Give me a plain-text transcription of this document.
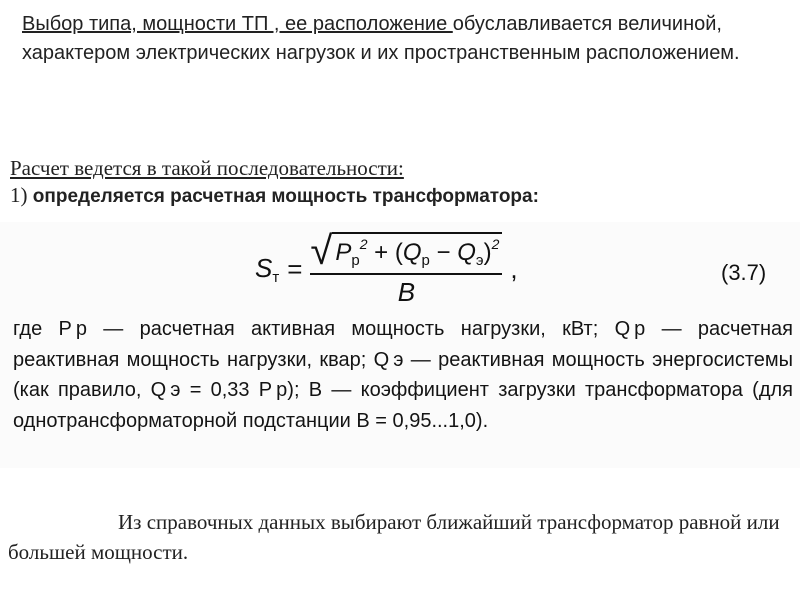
Выбор типа, мощности ТП , ее расположение обуславливается величиной, характером электрических нагрузок и их пространственным расположением.

Расчет ведется в такой последовательности:
1) определяется расчетная мощность трансформатора:
$S_т = \frac{√ P_р^2 + (Q_р - Q_э)^2}{B}$ ,	(3.7)
где P р — расчетная активная мощность нагрузки, кВт; Q р — расчетная реактивная мощность нагрузки, квар; Q э — реактивная мощность энергосистемы (как правило, Q э = 0,33 P р); B — коэффициент загрузки трансформатора (для однотрансформаторной подстанции B = 0,95...1,0).

Из справочных данных выбирают ближайший трансформатор равной или большей мощности.
